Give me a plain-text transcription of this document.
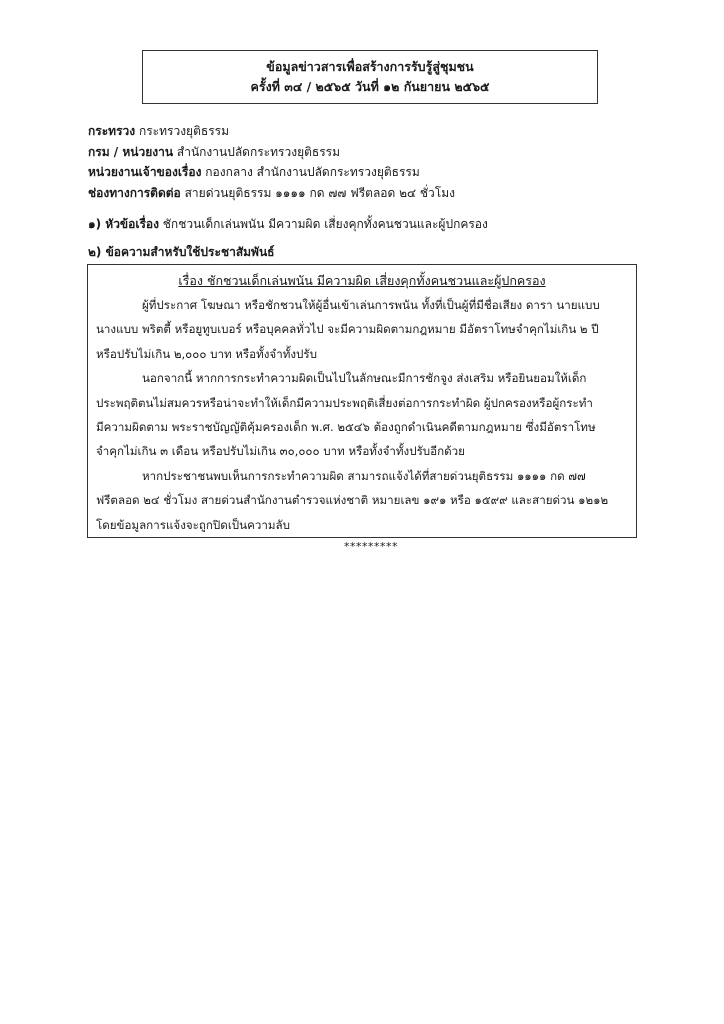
ข้อมูลข่าวสารเพื่อสร้างการรับรู้สู่ชุมชน
ครั้งที่ ๓๔ / ๒๕๖๕ วันที่ ๑๒ กันยายน ๒๕๖๕
กระทรวง กระทรวงยุติธรรม
กรม / หน่วยงาน สำนักงานปลัดกระทรวงยุติธรรม
หน่วยงานเจ้าของเรื่อง กองกลาง สำนักงานปลัดกระทรวงยุติธรรม
ช่องทางการติดต่อ สายด่วนยุติธรรม ๑๑๑๑ กด ๗๗ ฟรีตลอด ๒๔ ชั่วโมง
๑) หัวข้อเรื่อง ชักชวนเด็กเล่นพนัน มีความผิด เสี่ยงคุกทั้งคนชวนและผู้ปกครอง
๒) ข้อความสำหรับใช้ประชาสัมพันธ์
เรื่อง ชักชวนเด็กเล่นพนัน มีความผิด เสี่ยงคุกทั้งคนชวนและผู้ปกครอง
ผู้ที่ประกาศ โฆษณา หรือชักชวนให้ผู้อื่นเข้าเล่นการพนัน ทั้งที่เป็นผู้ที่มีชื่อเสียง ดารา นายแบบ
นางแบบ พริตตี้ หรือยูทูบเบอร์ หรือบุคคลทั่วไป จะมีความผิดตามกฎหมาย มีอัตราโทษจำคุกไม่เกิน ๒ ปี
หรือปรับไม่เกิน ๒,๐๐๐ บาท หรือทั้งจำทั้งปรับ
นอกจากนี้ หากการกระทำความผิดเป็นไปในลักษณะมีการชักจูง ส่งเสริม หรือยินยอมให้เด็ก
ประพฤติตนไม่สมควรหรือน่าจะทำให้เด็กมีความประพฤติเสี่ยงต่อการกระทำผิด ผู้ปกครองหรือผู้กระทำ
มีความผิดตาม พระราชบัญญัติคุ้มครองเด็ก พ.ศ. ๒๕๔๖ ต้องถูกดำเนินคดีตามกฎหมาย ซึ่งมีอัตราโทษ
จำคุกไม่เกิน ๓ เดือน หรือปรับไม่เกิน ๓๐,๐๐๐ บาท หรือทั้งจำทั้งปรับอีกด้วย
หากประชาชนพบเห็นการกระทำความผิด สามารถแจ้งได้ที่สายด่วนยุติธรรม ๑๑๑๑ กด ๗๗
ฟรีตลอด ๒๔ ชั่วโมง สายด่วนสำนักงานตำรวจแห่งชาติ หมายเลข ๑๙๑ หรือ ๑๕๙๙ และสายด่วน ๑๒๑๒
โดยข้อมูลการแจ้งจะถูกปิดเป็นความลับ
*********
